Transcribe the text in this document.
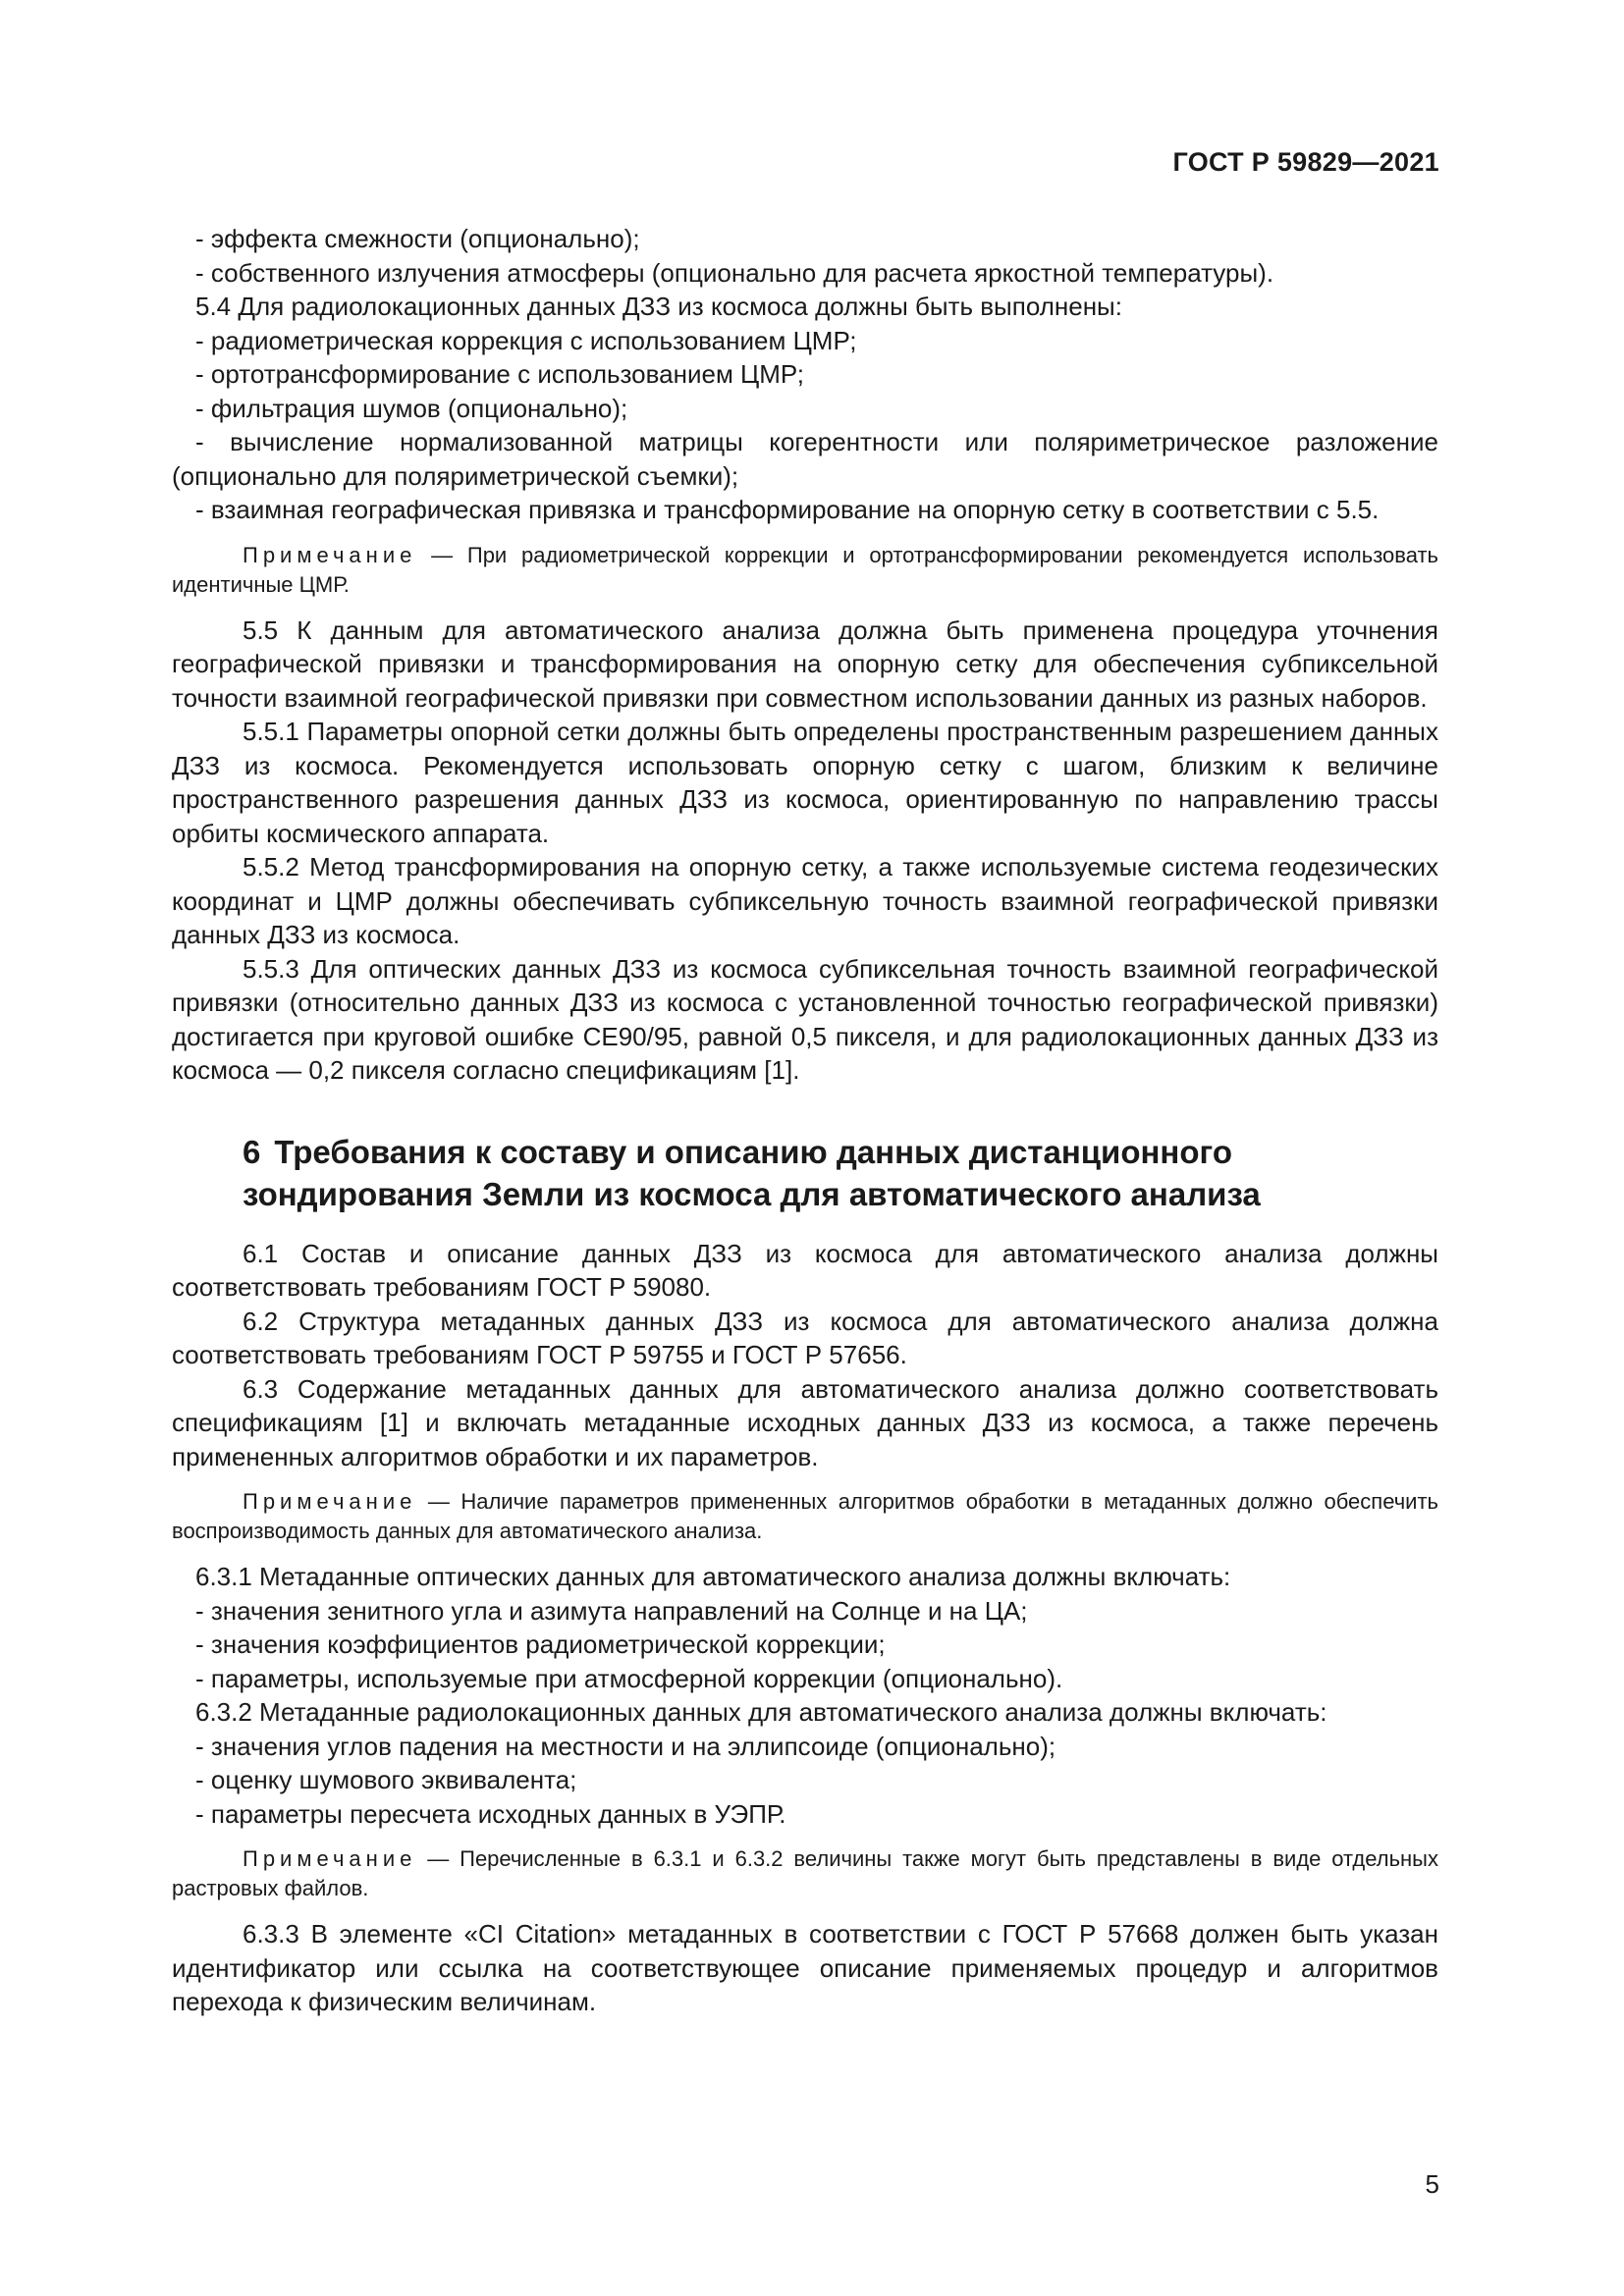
ГОСТ Р 59829—2021

- эффекта смежности (опционально);

- собственного излучения атмосферы (опционально для расчета яркостной температуры).

5.4 Для радиолокационных данных ДЗЗ из космоса должны быть выполнены:

- радиометрическая коррекция с использованием ЦМР;

- ортотрансформирование с использованием ЦМР;

- фильтрация шумов (опционально);

- вычисление нормализованной матрицы когерентности или поляриметрическое разложение (опционально для поляриметрической съемки);

- взаимная географическая привязка и трансформирование на опорную сетку в соответствии с 5.5.

Примечание — При радиометрической коррекции и ортотрансформировании рекомендуется использовать идентичные ЦМР.

5.5 К данным для автоматического анализа должна быть применена процедура уточнения географической привязки и трансформирования на опорную сетку для обеспечения субпиксельной точности взаимной географической привязки при совместном использовании данных из разных наборов.

5.5.1 Параметры опорной сетки должны быть определены пространственным разрешением данных ДЗЗ из космоса. Рекомендуется использовать опорную сетку с шагом, близким к величине пространственного разрешения данных ДЗЗ из космоса, ориентированную по направлению трассы орбиты космического аппарата.

5.5.2 Метод трансформирования на опорную сетку, а также используемые система геодезических координат и ЦМР должны обеспечивать субпиксельную точность взаимной географической привязки данных ДЗЗ из космоса.

5.5.3 Для оптических данных ДЗЗ из космоса субпиксельная точность взаимной географической привязки (относительно данных ДЗЗ из космоса с установленной точностью географической привязки) достигается при круговой ошибке CE90/95, равной 0,5 пикселя, и для радиолокационных данных ДЗЗ из космоса — 0,2 пикселя согласно спецификациям [1].

6 Требования к составу и описанию данных дистанционного зондирования Земли из космоса для автоматического анализа

6.1 Состав и описание данных ДЗЗ из космоса для автоматического анализа должны соответствовать требованиям ГОСТ Р 59080.

6.2 Структура метаданных данных ДЗЗ из космоса для автоматического анализа должна соответствовать требованиям ГОСТ Р 59755 и ГОСТ Р 57656.

6.3 Содержание метаданных данных для автоматического анализа должно соответствовать спецификациям [1] и включать метаданные исходных данных ДЗЗ из космоса, а также перечень примененных алгоритмов обработки и их параметров.

Примечание — Наличие параметров примененных алгоритмов обработки в метаданных должно обеспечить воспроизводимость данных для автоматического анализа.

6.3.1 Метаданные оптических данных для автоматического анализа должны включать:

- значения зенитного угла и азимута направлений на Солнце и на ЦА;

- значения коэффициентов радиометрической коррекции;

- параметры, используемые при атмосферной коррекции (опционально).

6.3.2 Метаданные радиолокационных данных для автоматического анализа должны включать:

- значения углов падения на местности и на эллипсоиде (опционально);

- оценку шумового эквивалента;

- параметры пересчета исходных данных в УЭПР.

Примечание — Перечисленные в 6.3.1 и 6.3.2 величины также могут быть представлены в виде отдельных растровых файлов.

6.3.3 В элементе «CI Citation» метаданных в соответствии с ГОСТ Р 57668 должен быть указан идентификатор или ссылка на соответствующее описание применяемых процедур и алгоритмов перехода к физическим величинам.

5
